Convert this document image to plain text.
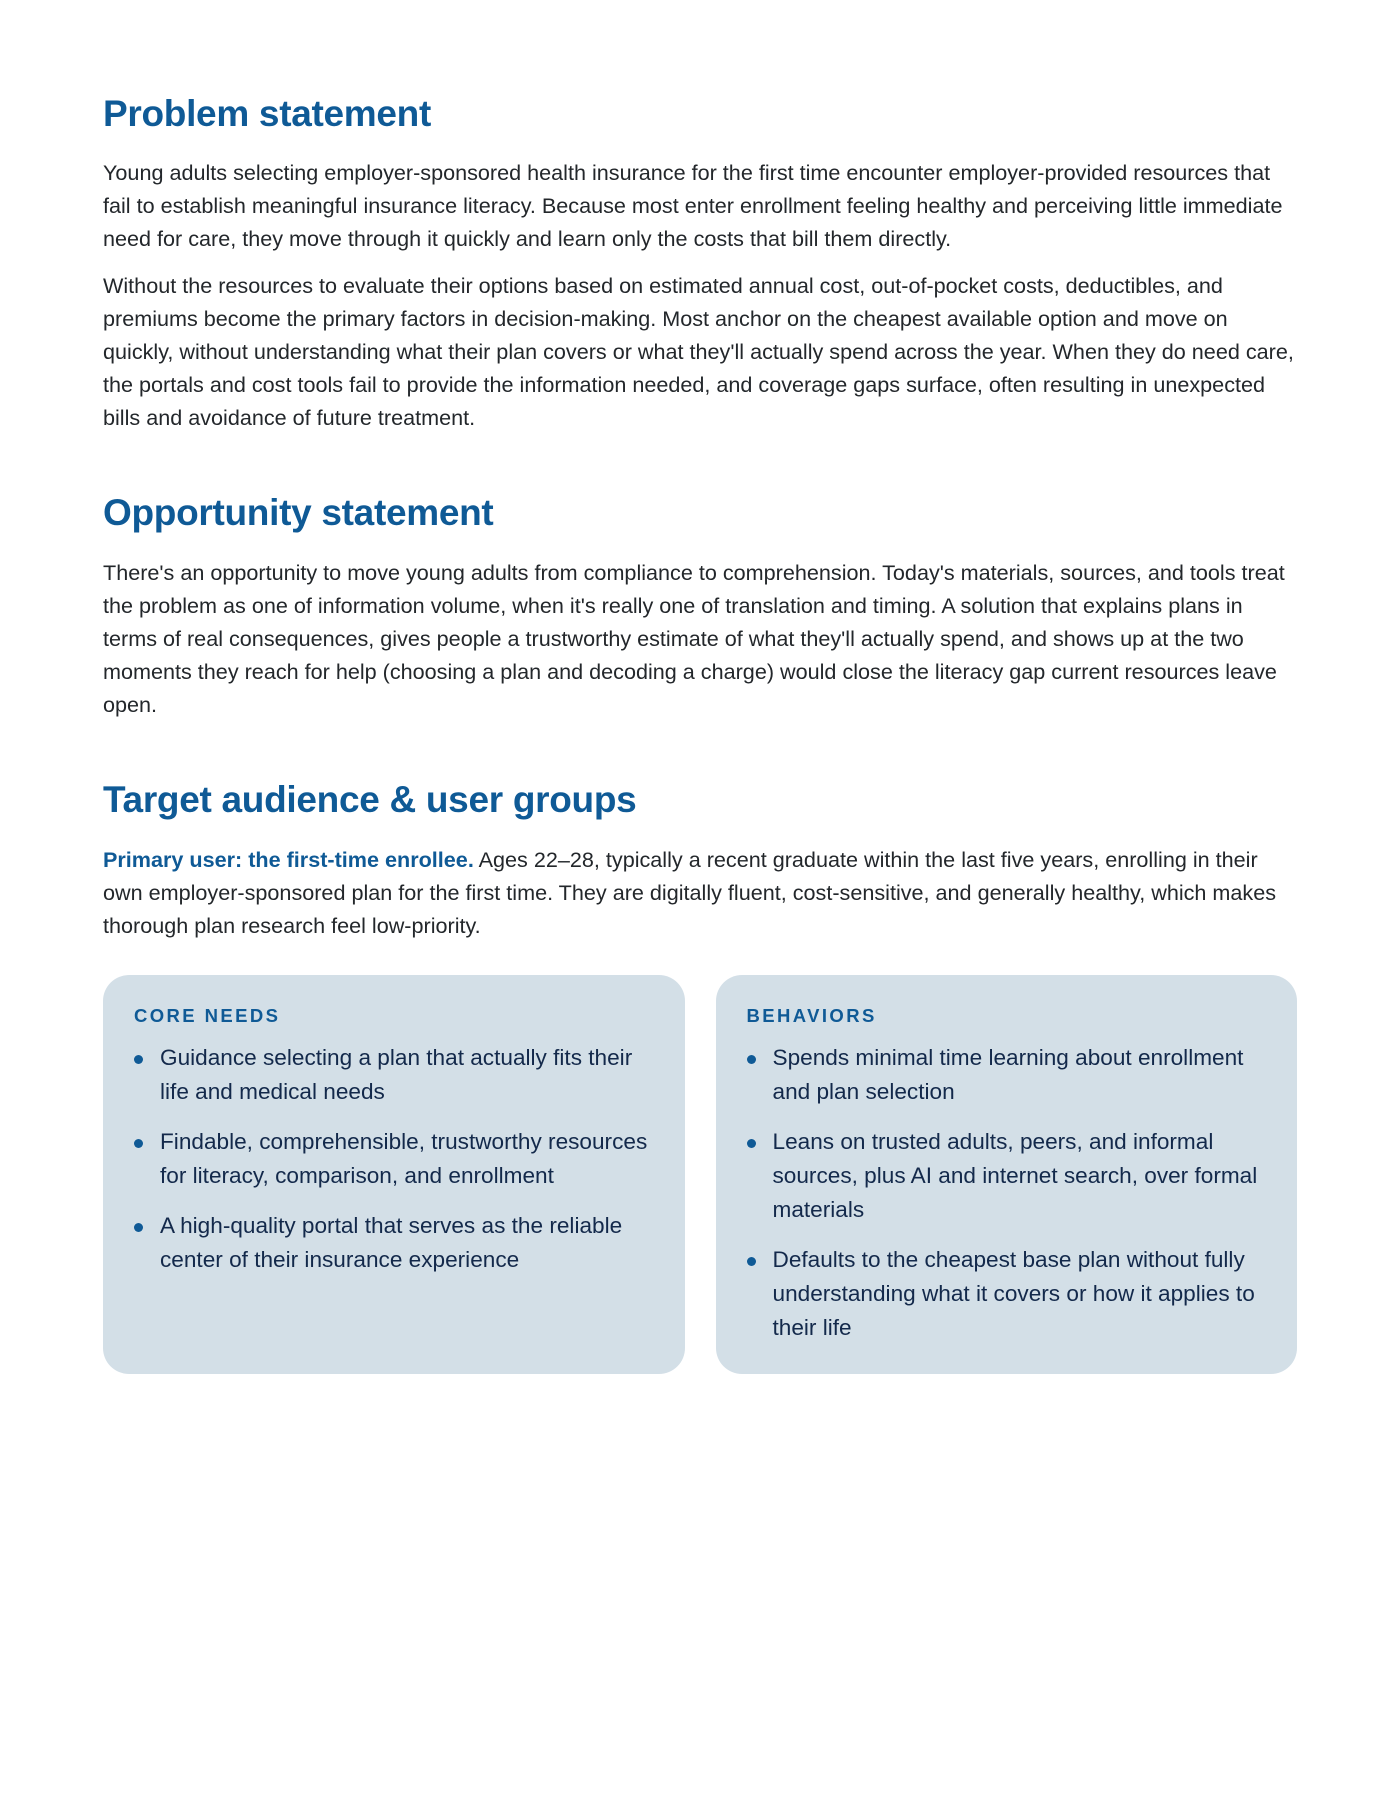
Problem statement

Young adults selecting employer-sponsored health insurance for the first time encounter employer-provided resources that fail to establish meaningful insurance literacy. Because most enter enrollment feeling healthy and perceiving little immediate need for care, they move through it quickly and learn only the costs that bill them directly.

Without the resources to evaluate their options based on estimated annual cost, out-of-pocket costs, deductibles, and premiums become the primary factors in decision-making. Most anchor on the cheapest available option and move on quickly, without understanding what their plan covers or what they'll actually spend across the year. When they do need care, the portals and cost tools fail to provide the information needed, and coverage gaps surface, often resulting in unexpected bills and avoidance of future treatment.

Opportunity statement

There's an opportunity to move young adults from compliance to comprehension. Today's materials, sources, and tools treat the problem as one of information volume, when it's really one of translation and timing. A solution that explains plans in terms of real consequences, gives people a trustworthy estimate of what they'll actually spend, and shows up at the two moments they reach for help (choosing a plan and decoding a charge) would close the literacy gap current resources leave open.

Target audience & user groups

Primary user: the first-time enrollee. Ages 22–28, typically a recent graduate within the last five years, enrolling in their own employer-sponsored plan for the first time. They are digitally fluent, cost-sensitive, and generally healthy, which makes thorough plan research feel low-priority.

CORE NEEDS
Guidance selecting a plan that actually fits their life and medical needs
Findable, comprehensible, trustworthy resources for literacy, comparison, and enrollment
A high-quality portal that serves as the reliable center of their insurance experience
BEHAVIORS
Spends minimal time learning about enrollment and plan selection
Leans on trusted adults, peers, and informal sources, plus AI and internet search, over formal materials
Defaults to the cheapest base plan without fully understanding what it covers or how it applies to their life
